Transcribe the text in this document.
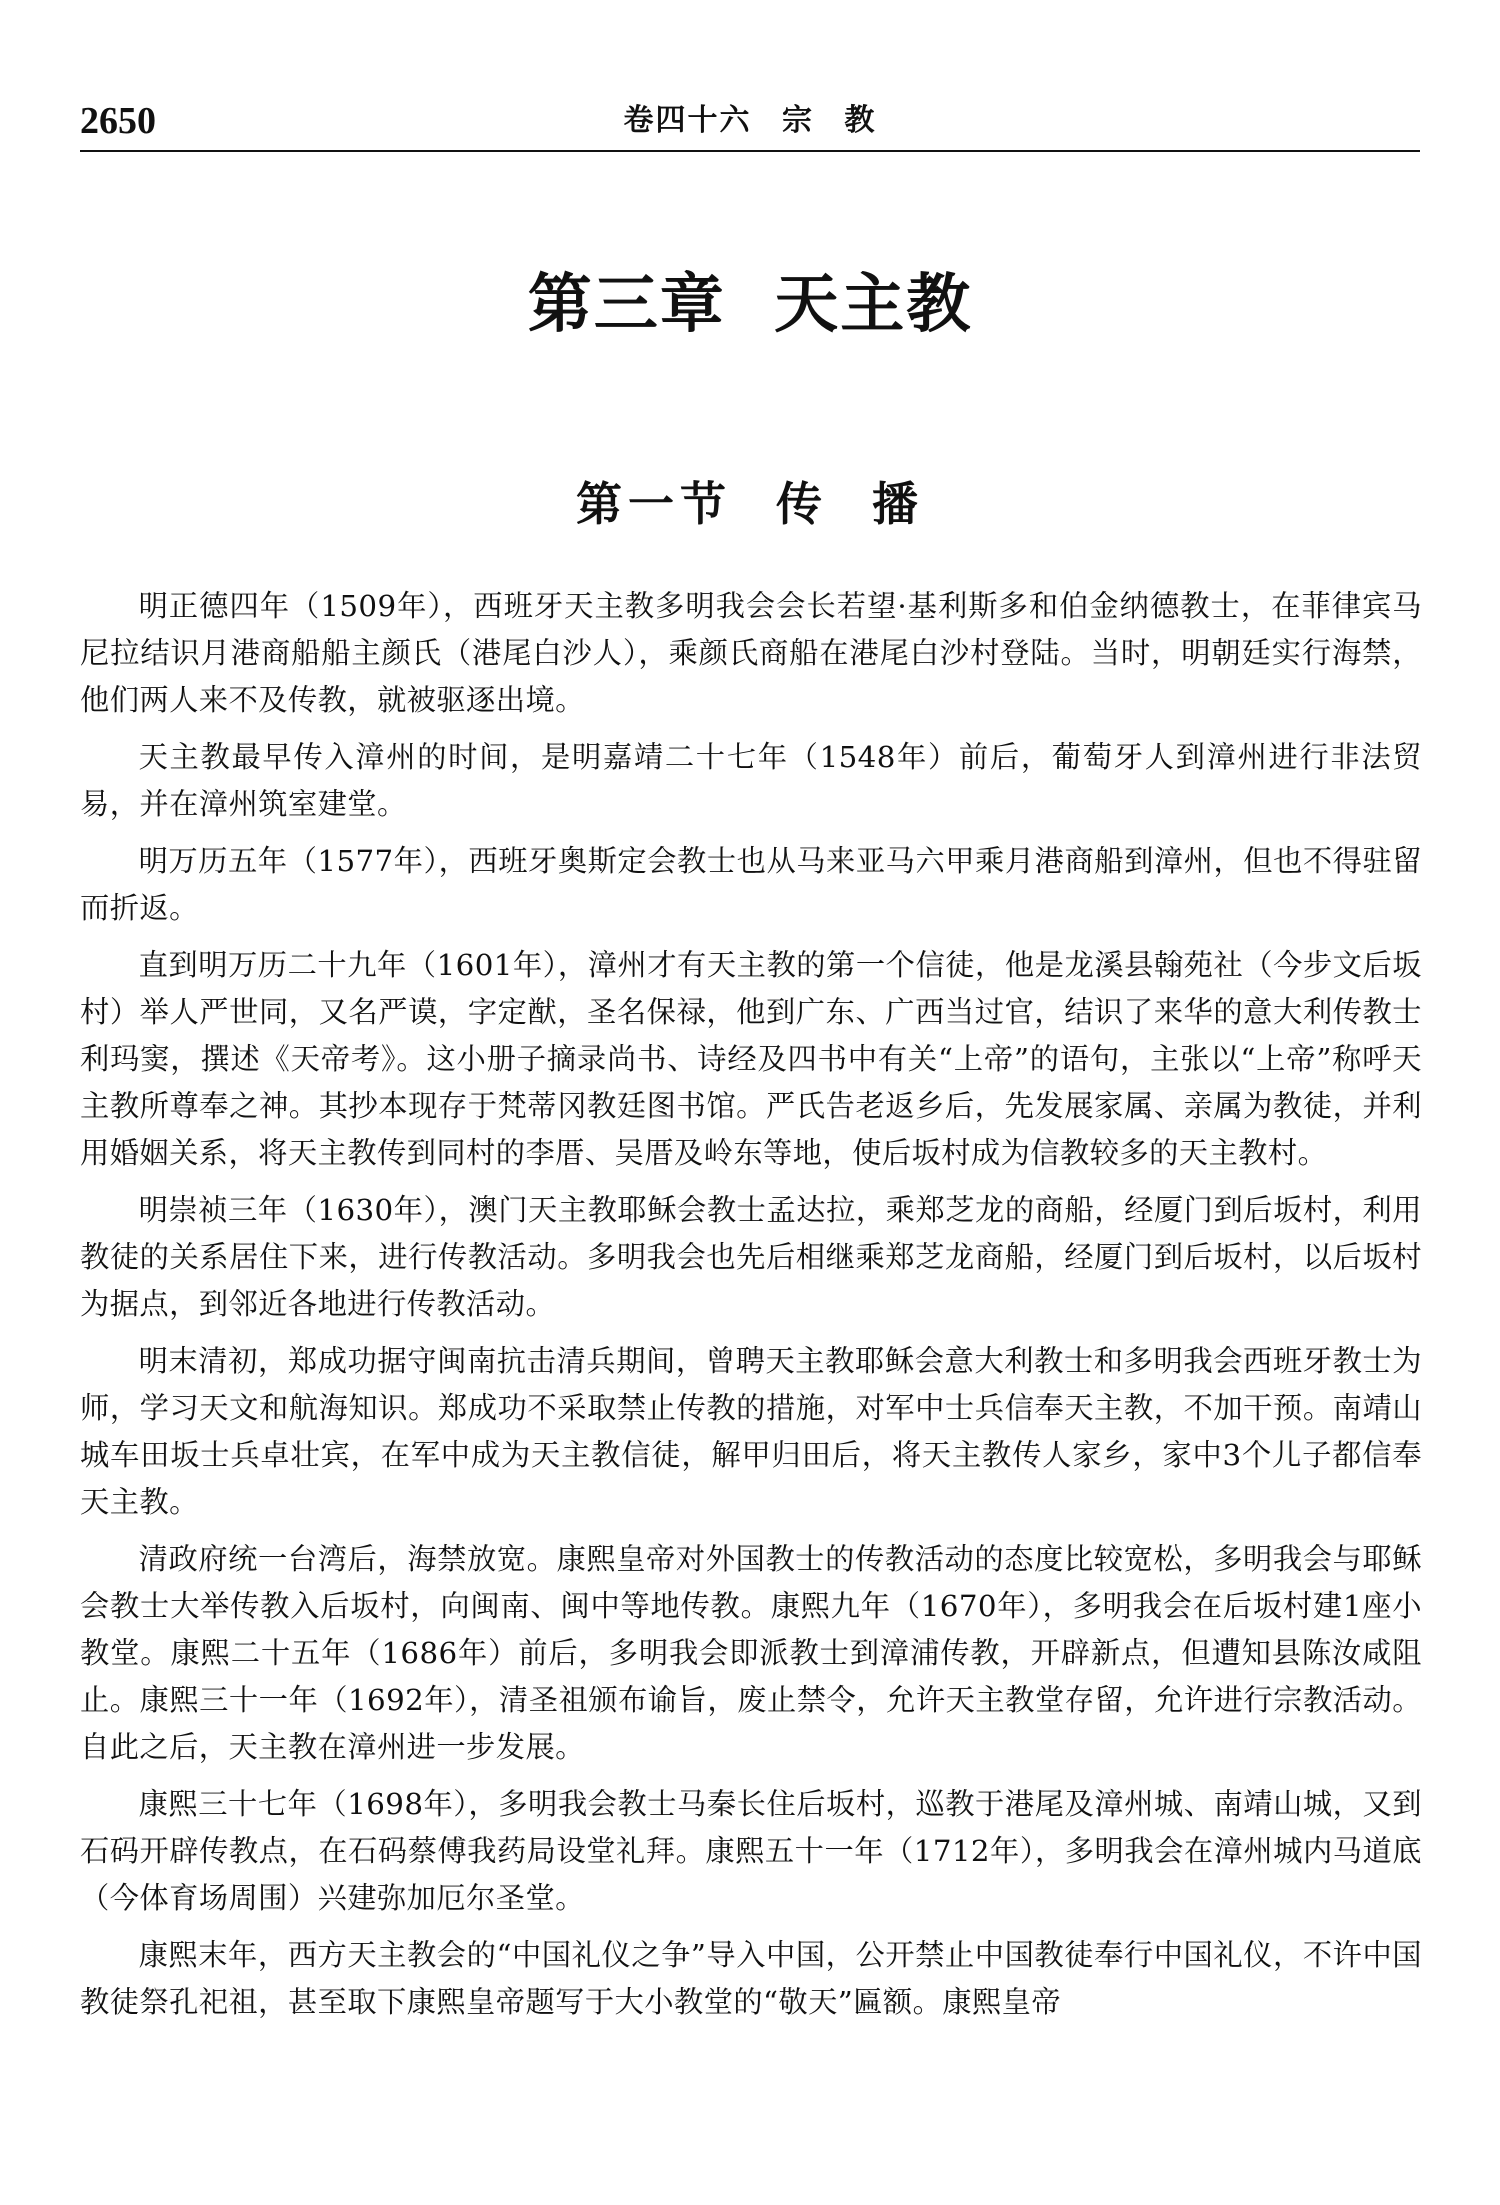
2650	卷四十六 宗 教
第三章  天主教
第一节  传  播

明正德四年（1509年），西班牙天主教多明我会会长若望·基利斯多和伯金纳德教士，在菲律宾马尼拉结识月港商船船主颜氏（港尾白沙人），乘颜氏商船在港尾白沙村登陆。当时，明朝廷实行海禁，他们两人来不及传教，就被驱逐出境。

天主教最早传入漳州的时间，是明嘉靖二十七年（1548年）前后，葡萄牙人到漳州进行非法贸易，并在漳州筑室建堂。

明万历五年（1577年），西班牙奥斯定会教士也从马来亚马六甲乘月港商船到漳州，但也不得驻留而折返。

直到明万历二十九年（1601年），漳州才有天主教的第一个信徒，他是龙溪县翰苑社（今步文后坂村）举人严世同，又名严谟，字定猷，圣名保禄，他到广东、广西当过官，结识了来华的意大利传教士利玛窦，撰述《天帝考》。这小册子摘录尚书、诗经及四书中有关“上帝”的语句，主张以“上帝”称呼天主教所尊奉之神。其抄本现存于梵蒂冈教廷图书馆。严氏告老返乡后，先发展家属、亲属为教徒，并利用婚姻关系，将天主教传到同村的李厝、吴厝及岭东等地，使后坂村成为信教较多的天主教村。

明崇祯三年（1630年），澳门天主教耶稣会教士孟达拉，乘郑芝龙的商船，经厦门到后坂村，利用教徒的关系居住下来，进行传教活动。多明我会也先后相继乘郑芝龙商船，经厦门到后坂村，以后坂村为据点，到邻近各地进行传教活动。

明末清初，郑成功据守闽南抗击清兵期间，曾聘天主教耶稣会意大利教士和多明我会西班牙教士为师，学习天文和航海知识。郑成功不采取禁止传教的措施，对军中士兵信奉天主教，不加干预。南靖山城车田坂士兵卓壮宾，在军中成为天主教信徒，解甲归田后，将天主教传人家乡，家中3个儿子都信奉天主教。

清政府统一台湾后，海禁放宽。康熙皇帝对外国教士的传教活动的态度比较宽松，多明我会与耶稣会教士大举传教入后坂村，向闽南、闽中等地传教。康熙九年（1670年），多明我会在后坂村建1座小教堂。康熙二十五年（1686年）前后，多明我会即派教士到漳浦传教，开辟新点，但遭知县陈汝咸阻止。康熙三十一年（1692年），清圣祖颁布谕旨，废止禁令，允许天主教堂存留，允许进行宗教活动。自此之后，天主教在漳州进一步发展。

康熙三十七年（1698年），多明我会教士马秦长住后坂村，巡教于港尾及漳州城、南靖山城，又到石码开辟传教点，在石码蔡傅我药局设堂礼拜。康熙五十一年（1712年），多明我会在漳州城内马道底（今体育场周围）兴建弥加厄尔圣堂。

康熙末年，西方天主教会的“中国礼仪之争”导入中国，公开禁止中国教徒奉行中国礼仪，不许中国教徒祭孔祀祖，甚至取下康熙皇帝题写于大小教堂的“敬天”匾额。康熙皇帝
